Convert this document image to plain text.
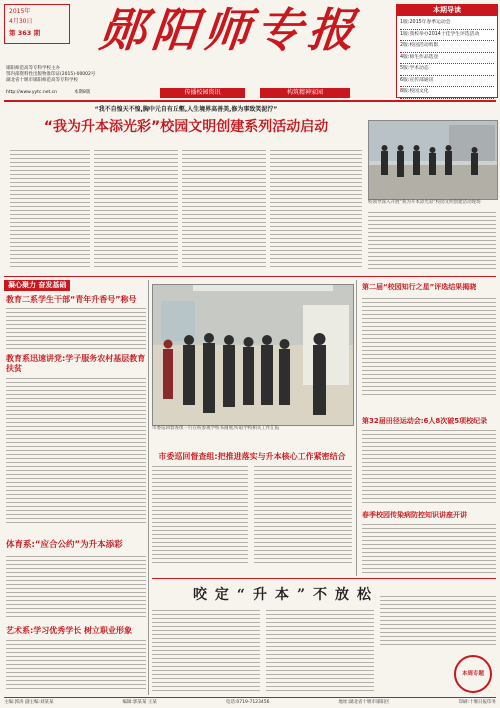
2015年
4月30日
第 363 期 郧阳师专报
郧阳师范高等专科学校主办
鄂内部资料性出版物准印证(2015)-00002号
湖北省十堰市郧阳师范高等专科学校
http://www.yytc.net.cn	本期8版	传播校园资讯	构筑精神家园
本期导读
1版:2015年春季运动会
1版:我校举办2014十佳学生评选活动
2版:校园活动剪影
4版:师生作品选登
5版:学术动态
6版:宣传部通讯
8版:校园文化
“我不自惶天不惶,胸中元自有丘壑,人生境界高善美,修为事致笑泥泞”
“我为升本添光彩”校园文明创建系列活动启动
校领导深入开展“我为升本添光彩”校园文明创建活动现场
凝心聚力 奋发基础
教育二系学生干部“青年升香号”称号
教育系迅速讲党:学子服务农村基层教育扶贫
体育系:“应合公约”为升本添彩
艺术系:学习优秀学长 树立职业形象
市委巡回督查组一行在校参观学校书画展,听取学校相关工作汇报
市委巡回督查组:把推进落实与升本核心工作紧密结合
第二届“校园知行之星”评选结果揭晓
第32届田径运动会:6人8次破5项校纪录
春季校园传染病防控知识讲座开讲
咬定“升本”不放松
本周专题
主编:郭涛 副主编:刘某某	编辑:郭某某 王某	电话:0719-7123456	地址:湖北省十堰市郧阳区	印刷:十堰日报印务
